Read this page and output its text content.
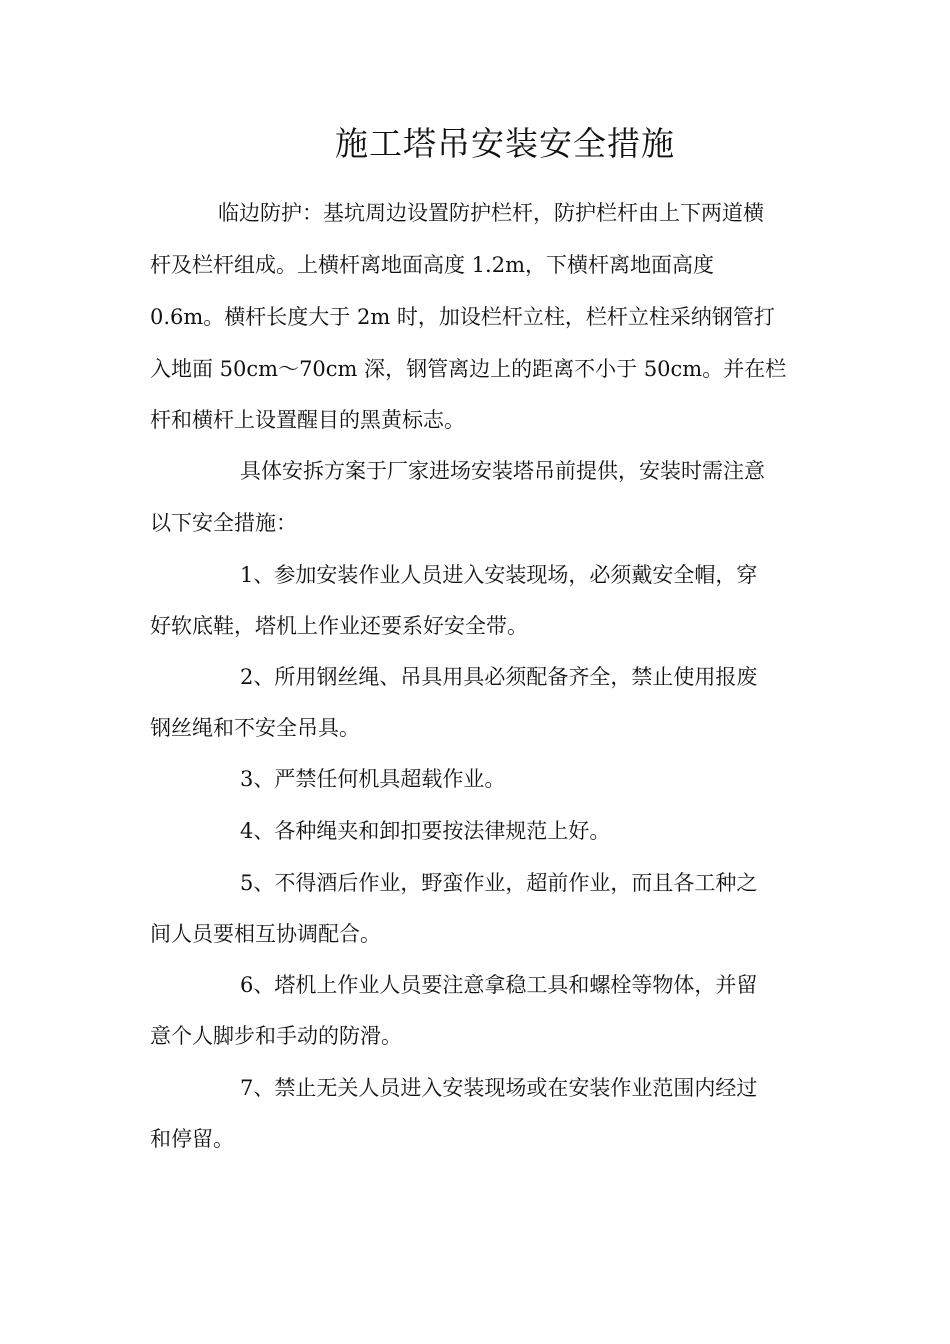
施工塔吊安装安全措施

临边防护：基坑周边设置防护栏杆，防护栏杆由上下两道横

杆及栏杆组成。上横杆离地面高度 1.2m，下横杆离地面高度

0.6m。横杆长度大于 2m 时，加设栏杆立柱，栏杆立柱采纳钢管打

入地面 50cm～70cm 深，钢管离边上的距离不小于 50cm。并在栏

杆和横杆上设置醒目的黑黄标志。

具体安拆方案于厂家进场安装塔吊前提供，安装时需注意

以下安全措施：

1、参加安装作业人员进入安装现场，必须戴安全帽，穿

好软底鞋，塔机上作业还要系好安全带。

2、所用钢丝绳、吊具用具必须配备齐全，禁止使用报废

钢丝绳和不安全吊具。

3、严禁任何机具超载作业。

4、各种绳夹和卸扣要按法律规范上好。

5、不得酒后作业，野蛮作业，超前作业，而且各工种之

间人员要相互协调配合。

6、塔机上作业人员要注意拿稳工具和螺栓等物体，并留

意个人脚步和手动的防滑。

7、禁止无关人员进入安装现场或在安装作业范围内经过

和停留。
